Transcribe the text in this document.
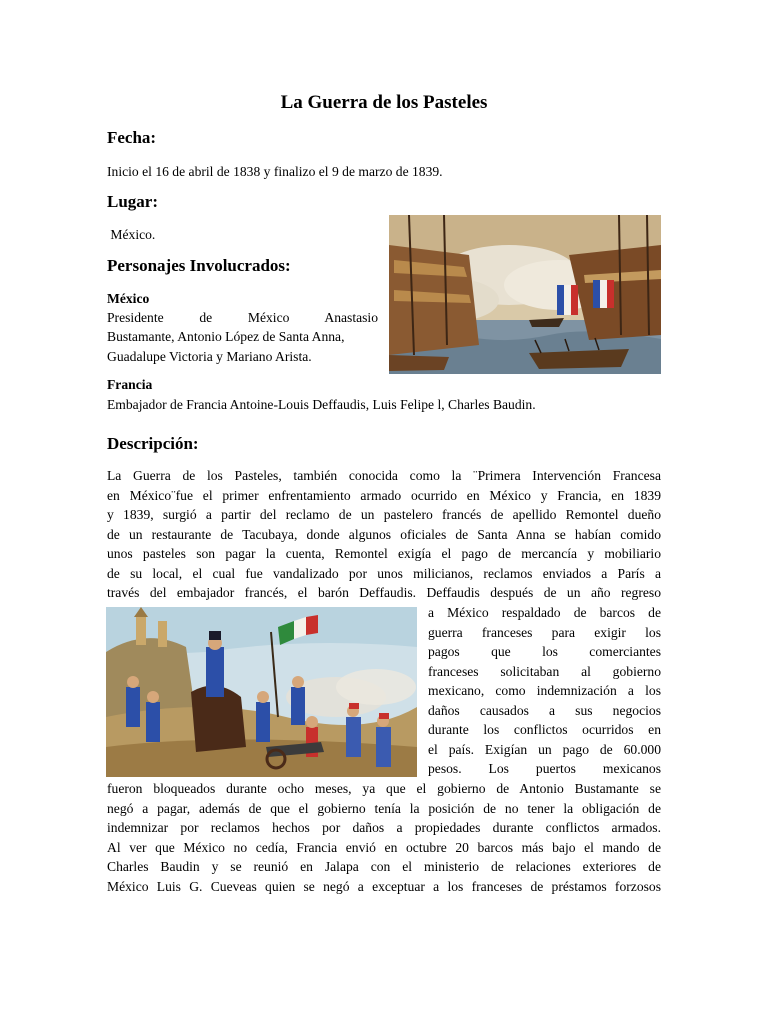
La Guerra de los Pasteles
Fecha:
Inicio el 16 de abril de 1838 y finalizo el 9 de marzo de 1839.
Lugar:
México.
Personajes Involucrados:
México
Presidente de México Anastasio
Bustamante, Antonio López de Santa Anna,
Guadalupe Victoria y Mariano Arista.
Francia
Embajador de Francia Antoine-Louis Deffaudis, Luis Felipe l, Charles Baudin.
Descripción:
La Guerra de los Pasteles, también conocida como la ¨Primera Intervención Francesa
en México¨fue el primer enfrentamiento armado ocurrido en México y Francia, en 1839
y 1839, surgió a partir del reclamo de un pastelero francés de apellido Remontel dueño
de un restaurante de Tacubaya, donde algunos oficiales de Santa Anna se habían comido
unos pasteles son pagar la cuenta, Remontel exigía el pago de mercancía y mobiliario
de su local, el cual fue vandalizado por unos milicianos, reclamos enviados a París a
través del embajador francés, el barón Deffaudis. Deffaudis después de un año regreso
a México respaldado de barcos de
guerra franceses para exigir los
pagos que los comerciantes
franceses solicitaban al gobierno
mexicano, como indemnización a los
daños causados a sus negocios
durante los conflictos ocurridos en
el país. Exigían un pago de 60.000
pesos. Los puertos mexicanos
fueron bloqueados durante ocho meses, ya que el gobierno de Antonio Bustamante se
negó a pagar, además de que el gobierno tenía la posición de no tener la obligación de
indemnizar por reclamos hechos por daños a propiedades durante conflictos armados.
Al ver que México no cedía, Francia envió en octubre 20 barcos más bajo el mando de
Charles Baudin y se reunió en Jalapa con el ministerio de relaciones exteriores de
México Luis G. Cueveas quien se negó a exceptuar a los franceses de préstamos forzosos
